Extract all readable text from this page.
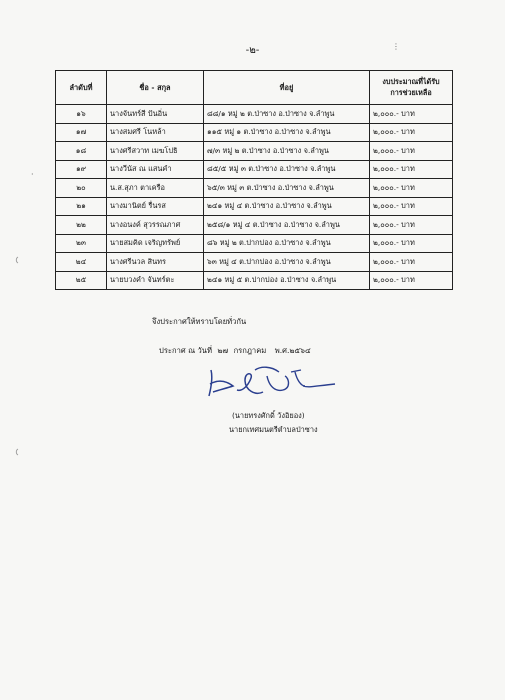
-๒-	⋮
·
ลำดับที่	ชื่อ - สกุล	ที่อยู่	งบประมาณที่ได้รับ
การช่วยเหลือ

๑๖	นางจันทร์สี ปันอิ่น	๘๘/๑ หมู่ ๒ ต.ป่าซาง อ.ป่าซาง จ.ลำพูน	๒,๐๐๐.- บาท
๑๗	นางสมศรี โนหล้า	๑๑๕ หมู่ ๑ ต.ป่าซาง อ.ป่าซาง จ.ลำพูน	๒,๐๐๐.- บาท
๑๘	นางศรีสวาท เมฆโปธิ	๗/๓ หมู่ ๒ ต.ป่าซาง อ.ป่าซาง จ.ลำพูน	๒,๐๐๐.- บาท
๑๙	นางวีนัส ณ แสนคำ	๘๕/๕ หมู่ ๓ ต.ป่าซาง อ.ป่าซาง จ.ลำพูน	๒,๐๐๐.- บาท
๒๐	น.ส.สุภา ตาเครือ	๖๕/๓ หมู่ ๓ ต.ป่าซาง อ.ป่าซาง จ.ลำพูน	๒,๐๐๐.- บาท
๒๑	นางมานิตย์ รื่นรส	๒๔๑ หมู่ ๔ ต.ป่าซาง อ.ป่าซาง จ.ลำพูน	๒,๐๐๐.- บาท
๒๒	นางอนงค์ สุวรรณภาศ	๒๕๘/๑ หมู่ ๔ ต.ป่าซาง อ.ป่าซาง จ.ลำพูน	๒,๐๐๐.- บาท
๒๓	นายสมคิด เจริญทรัพย์	๘๖ หมู่ ๒ ต.ปากบ่อง อ.ป่าซาง จ.ลำพูน	๒,๐๐๐.- บาท
๒๔	นางศรีนวล สินทร	๖๓ หมู่ ๔ ต.ปากบ่อง อ.ป่าซาง จ.ลำพูน	๒,๐๐๐.- บาท
๒๕	นายบวงคำ จันทร์ตะ	๒๔๑ หมู่ ๕ ต.ปากบ่อง อ.ป่าซาง จ.ลำพูน	๒,๐๐๐.- บาท
จึงประกาศให้ทราบโดยทั่วกัน
ประกาศ ณ วันที่ ๒๗ กรกฎาคม พ.ศ.๒๕๖๔
(นายทรงศักดิ์ วังอิยอง)
นายกเทศมนตรีตำบลป่าซาง
